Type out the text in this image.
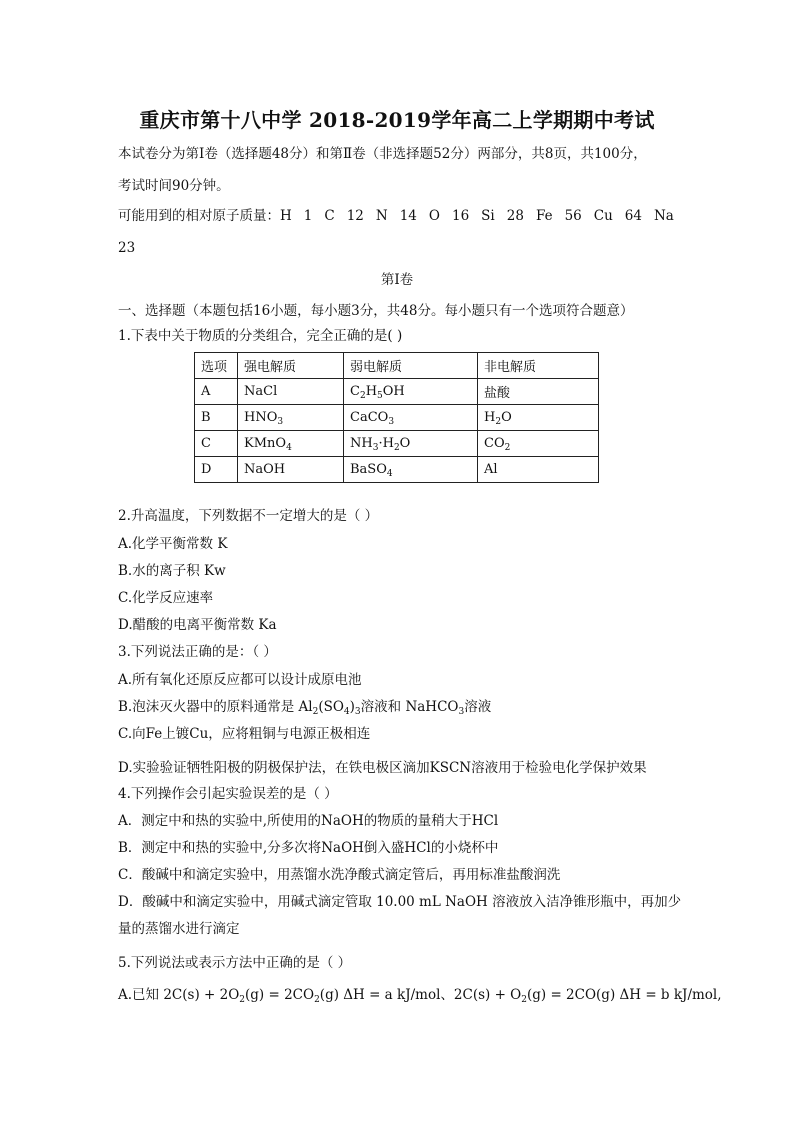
重庆市第十八中学 2018-2019学年高二上学期期中考试
本试卷分为第Ⅰ卷（选择题48分）和第Ⅱ卷（非选择题52分）两部分，共8页，共100分，
考试时间90分钟。
可能用到的相对原子质量：H 1 C 12 N 14 O 16 Si 28 Fe 56 Cu 64 Na
23
第Ⅰ卷
一、选择题（本题包括16小题，每小题3分，共48分。每小题只有一个选项符合题意）
1.下表中关于物质的分类组合，完全正确的是( )
选项	强电解质	弱电解质	非电解质
A	NaCl	$C_2H_5OH$	盐酸
B	$HNO_3$	CaCO$_3$	$H_2O$
C	KMnO$_4$	$NH_3\cdot H_2O$	$CO_2$
D	NaOH	BaSO$_4$	Al
2.升高温度，下列数据不一定增大的是（ ）
A.化学平衡常数 K
B.水的离子积 Kw
C.化学反应速率
D.醋酸的电离平衡常数 Ka
3.下列说法正确的是：（ ）
A.所有氧化还原反应都可以设计成原电池
B.泡沫灭火器中的原料通常是 $Al_2(SO_4)_3$溶液和 NaHCO$_3$溶液
C.向Fe上镀Cu，应将粗铜与电源正极相连
D.实验验证牺牲阳极的阴极保护法，在铁电极区滴加KSCN溶液用于检验电化学保护效果
4.下列操作会引起实验误差的是（ ）
A．测定中和热的实验中,所使用的NaOH的物质的量稍大于HCl
B．测定中和热的实验中,分多次将NaOH倒入盛HCl的小烧杯中
C．酸碱中和滴定实验中，用蒸馏水洗净酸式滴定管后，再用标准盐酸润洗
D．酸碱中和滴定实验中，用碱式滴定管取 10.00 mL NaOH 溶液放入洁净锥形瓶中，再加少
量的蒸馏水进行滴定
5.下列说法或表示方法中正确的是（ ）
A.已知 $2C(s) + 2O_2(g) = 2CO_2(g) \Delta H = a$ kJ/mol、$2C(s) + O_2(g) = 2CO(g) \Delta H = b$ kJ/mol,
